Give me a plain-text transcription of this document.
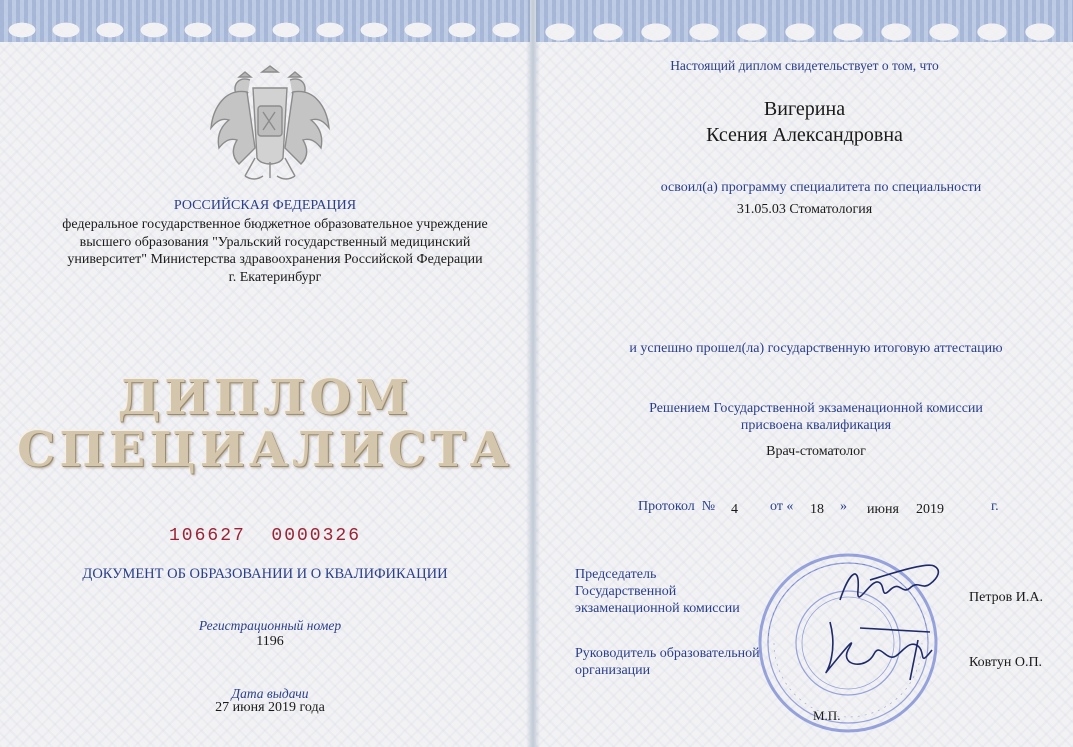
РОССИЙСКАЯ ФЕДЕРАЦИЯ
федеральное государственное бюджетное образовательное учреждение
высшего образования "Уральский государственный медицинский
университет" Министерства здравоохранения Российской Федерации
г. Екатеринбург
ДИПЛОМ
СПЕЦИАЛИСТА
106627  0000326
ДОКУМЕНТ ОБ ОБРАЗОВАНИИ И О КВАЛИФИКАЦИИ
Регистрационный номер
1196
Дата выдачи
27 июня 2019 года
Настоящий диплом свидетельствует о том, что
Вигерина
Ксения Александровна
освоил(а) программу специалитета по специальности
31.05.03 Стоматология
и успешно прошел(ла) государственную итоговую аттестацию
Решением Государственной экзаменационной комиссии
присвоена квалификация
Врач-стоматолог
Протокол  № 4 от « 18 » июня 2019	г.
Председатель
Государственной
экзаменационной комиссии
Петров И.А.
Руководитель образовательной
организации
Ковтун О.П.
М.П.
